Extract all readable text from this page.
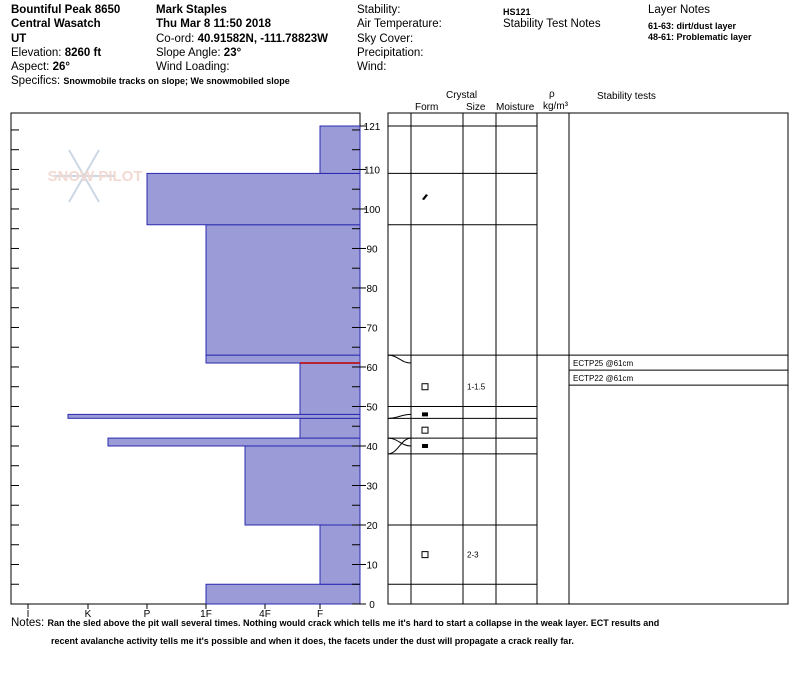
Bountiful Peak 8650
Central Wasatch
UT
Elevation: 8260 ft
Aspect: 26°
Specifics: Snowmobile tracks on slope; We snowmobiled slope
Mark Staples
Thu Mar 8 11:50 2018
Co-ord: 40.91582N, -111.78823W
Slope Angle: 23°
Wind Loading:
Stability:
Air Temperature:
Sky Cover:
Precipitation:
Wind:
HS121
Stability Test Notes
Layer Notes
61-63: dirt/dust layer
48-61: Problematic layer
Crystal
Form	Size Moisture
ρ
kg/m³
Stability tests
I	K	P	1F	4F	F
0
10
20
30
40
50
60
70
80
90
100
110
121
2-3
1-1.5
ECTP25 @61cm
ECTP22 @61cm
SNOW PILOT
Notes: Ran the sled above the pit wall several times. Nothing would crack which tells me it's hard to start a collapse in the weak layer. ECT results and
recent avalanche activity tells me it's possible and when it does, the facets under the dust will propagate a crack really far.
